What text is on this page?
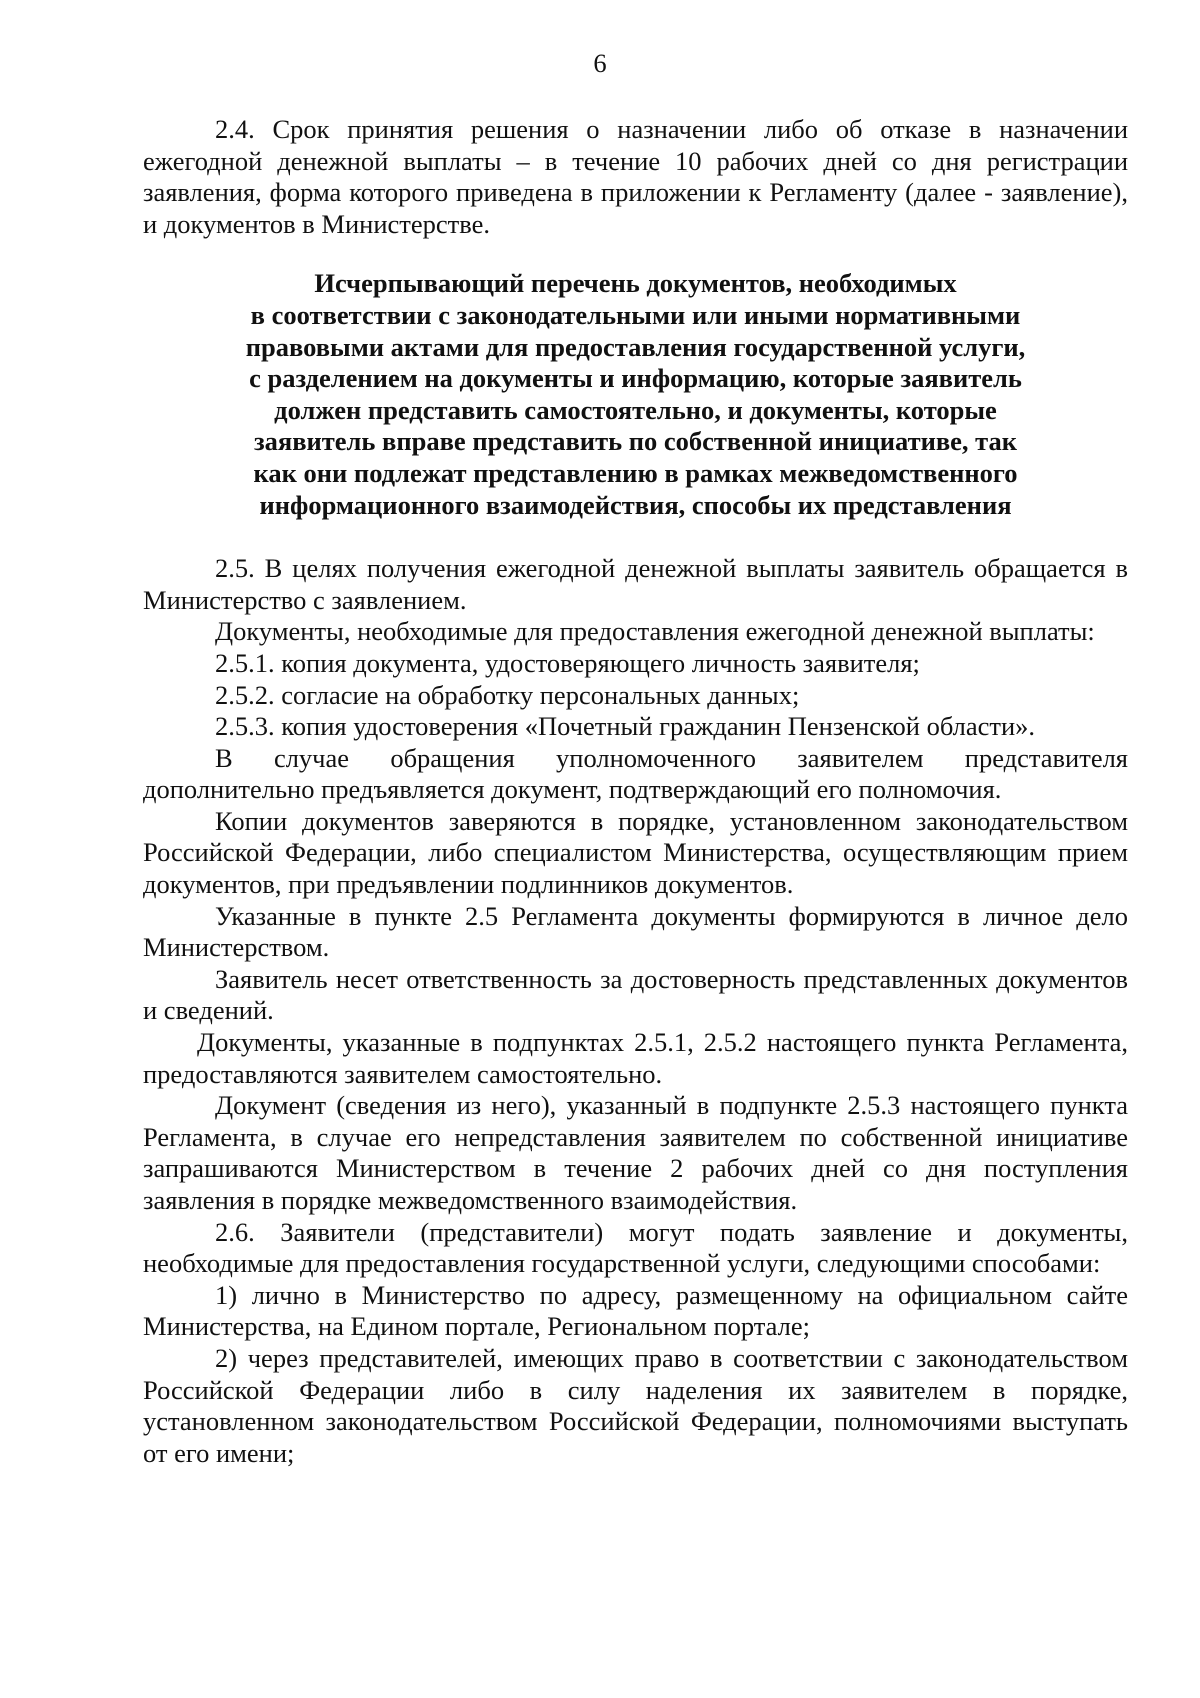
6

2.4. Срок принятия решения о назначении либо об отказе в назначении ежегодной денежной выплаты – в течение 10 рабочих дней со дня регистрации заявления, форма которого приведена в приложении к Регламенту (далее - заявление), и документов в Министерстве.

Исчерпывающий перечень документов, необходимых
в соответствии с законодательными или иными нормативными
правовыми актами для предоставления государственной услуги,
с разделением на документы и информацию, которые заявитель
должен представить самостоятельно, и документы, которые
заявитель вправе представить по собственной инициативе, так
как они подлежат представлению в рамках межведомственного
информационного взаимодействия, способы их представления

2.5. В целях получения ежегодной денежной выплаты заявитель обращается в Министерство с заявлением.

Документы, необходимые для предоставления ежегодной денежной выплаты:

2.5.1. копия документа, удостоверяющего личность заявителя;

2.5.2. согласие на обработку персональных данных;

2.5.3. копия удостоверения «Почетный гражданин Пензенской области».

В случае обращения уполномоченного заявителем представителя дополнительно предъявляется документ, подтверждающий его полномочия.

Копии документов заверяются в порядке, установленном законодательством Российской Федерации, либо специалистом Министерства, осуществляющим прием документов, при предъявлении подлинников документов.

Указанные в пункте 2.5 Регламента документы формируются в личное дело Министерством.

Заявитель несет ответственность за достоверность представленных документов и сведений.

Документы, указанные в подпунктах 2.5.1, 2.5.2 настоящего пункта Регламента, предоставляются заявителем самостоятельно.

Документ (сведения из него), указанный в подпункте 2.5.3 настоящего пункта Регламента, в случае его непредставления заявителем по собственной инициативе запрашиваются Министерством в течение 2 рабочих дней со дня поступления заявления в порядке межведомственного взаимодействия.

2.6. Заявители (представители) могут подать заявление и документы, необходимые для предоставления государственной услуги, следующими способами:

1) лично в Министерство по адресу, размещенному на официальном сайте Министерства, на Едином портале, Региональном портале;

2) через представителей, имеющих право в соответствии с законодательством Российской Федерации либо в силу наделения их заявителем в порядке, установленном законодательством Российской Федерации, полномочиями выступать от его имени;
